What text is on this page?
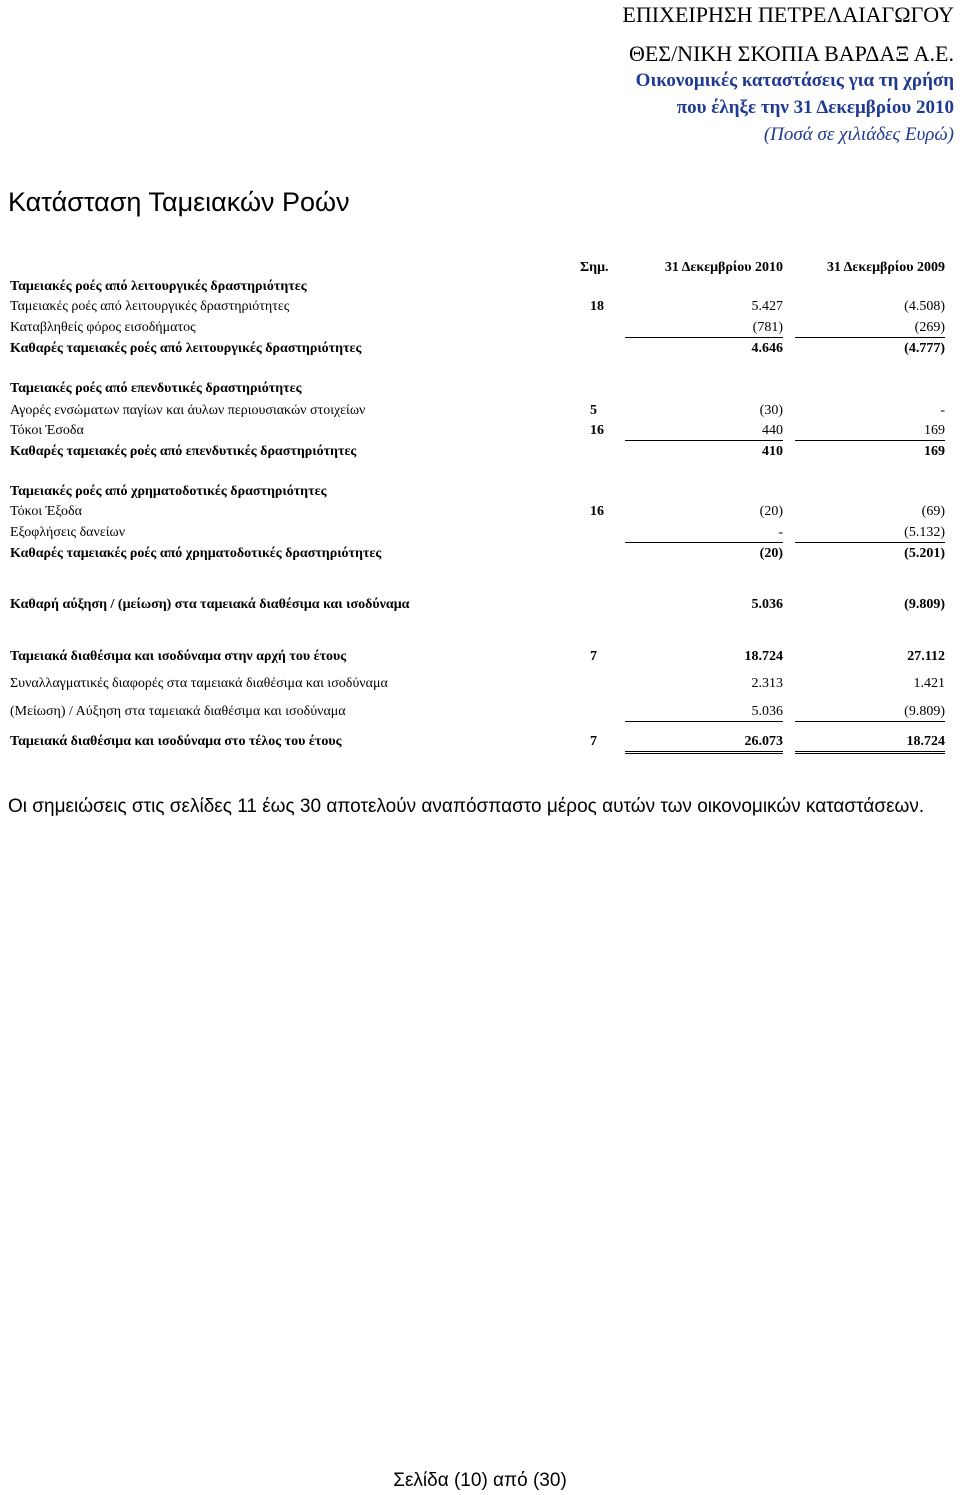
ΕΠΙΧΕΙΡΗΣΗ ΠΕΤΡΕΛΑΙΑΓΩΓΟΥ
ΘΕΣ/ΝΙΚΗ ΣΚΟΠΙΑ ΒΑΡΔΑΞ Α.Ε.
Οικονομικές καταστάσεις για τη χρήση
που έληξε την 31 Δεκεμβρίου 2010
(Ποσά σε χιλιάδες Ευρώ)
Κατάσταση Ταμειακών Ροών
Σημ.	31 Δεκεμβρίου 2010	31 Δεκεμβρίου 2009
Ταμειακές ροές από λειτουργικές δραστηριότητες
Ταμειακές ροές από λειτουργικές δραστηριότητες	18	5.427	(4.508)
Καταβληθείς φόρος εισοδήματος	(781)	(269)
Καθαρές ταμειακές ροές από λειτουργικές δραστηριότητες	4.646	(4.777)
Ταμειακές ροές από επενδυτικές δραστηριότητες
Αγορές ενσώματων παγίων και άυλων περιουσιακών στοιχείων	5	(30)	-
Τόκοι Έσοδα	16	440	169
Καθαρές ταμειακές ροές από επενδυτικές δραστηριότητες	410	169
Ταμειακές ροές από χρηματοδοτικές δραστηριότητες
Τόκοι Έξοδα	16	(20)	(69)
Εξοφλήσεις δανείων	-	(5.132)
Καθαρές ταμειακές ροές από χρηματοδοτικές δραστηριότητες	(20)	(5.201)
Καθαρή αύξηση / (μείωση) στα ταμειακά διαθέσιμα και ισοδύναμα	5.036	(9.809)
Ταμειακά διαθέσιμα και ισοδύναμα στην αρχή του έτους	7	18.724	27.112
Συναλλαγματικές διαφορές στα ταμειακά διαθέσιμα και ισοδύναμα	2.313	1.421
(Μείωση) / Αύξηση στα ταμειακά διαθέσιμα και ισοδύναμα	5.036	(9.809)
Ταμειακά διαθέσιμα και ισοδύναμα στο τέλος του έτους	7	26.073	18.724
Οι σημειώσεις στις σελίδες 11 έως 30 αποτελούν αναπόσπαστο μέρος αυτών των οικονομικών καταστάσεων.
Σελίδα (10) από (30)
